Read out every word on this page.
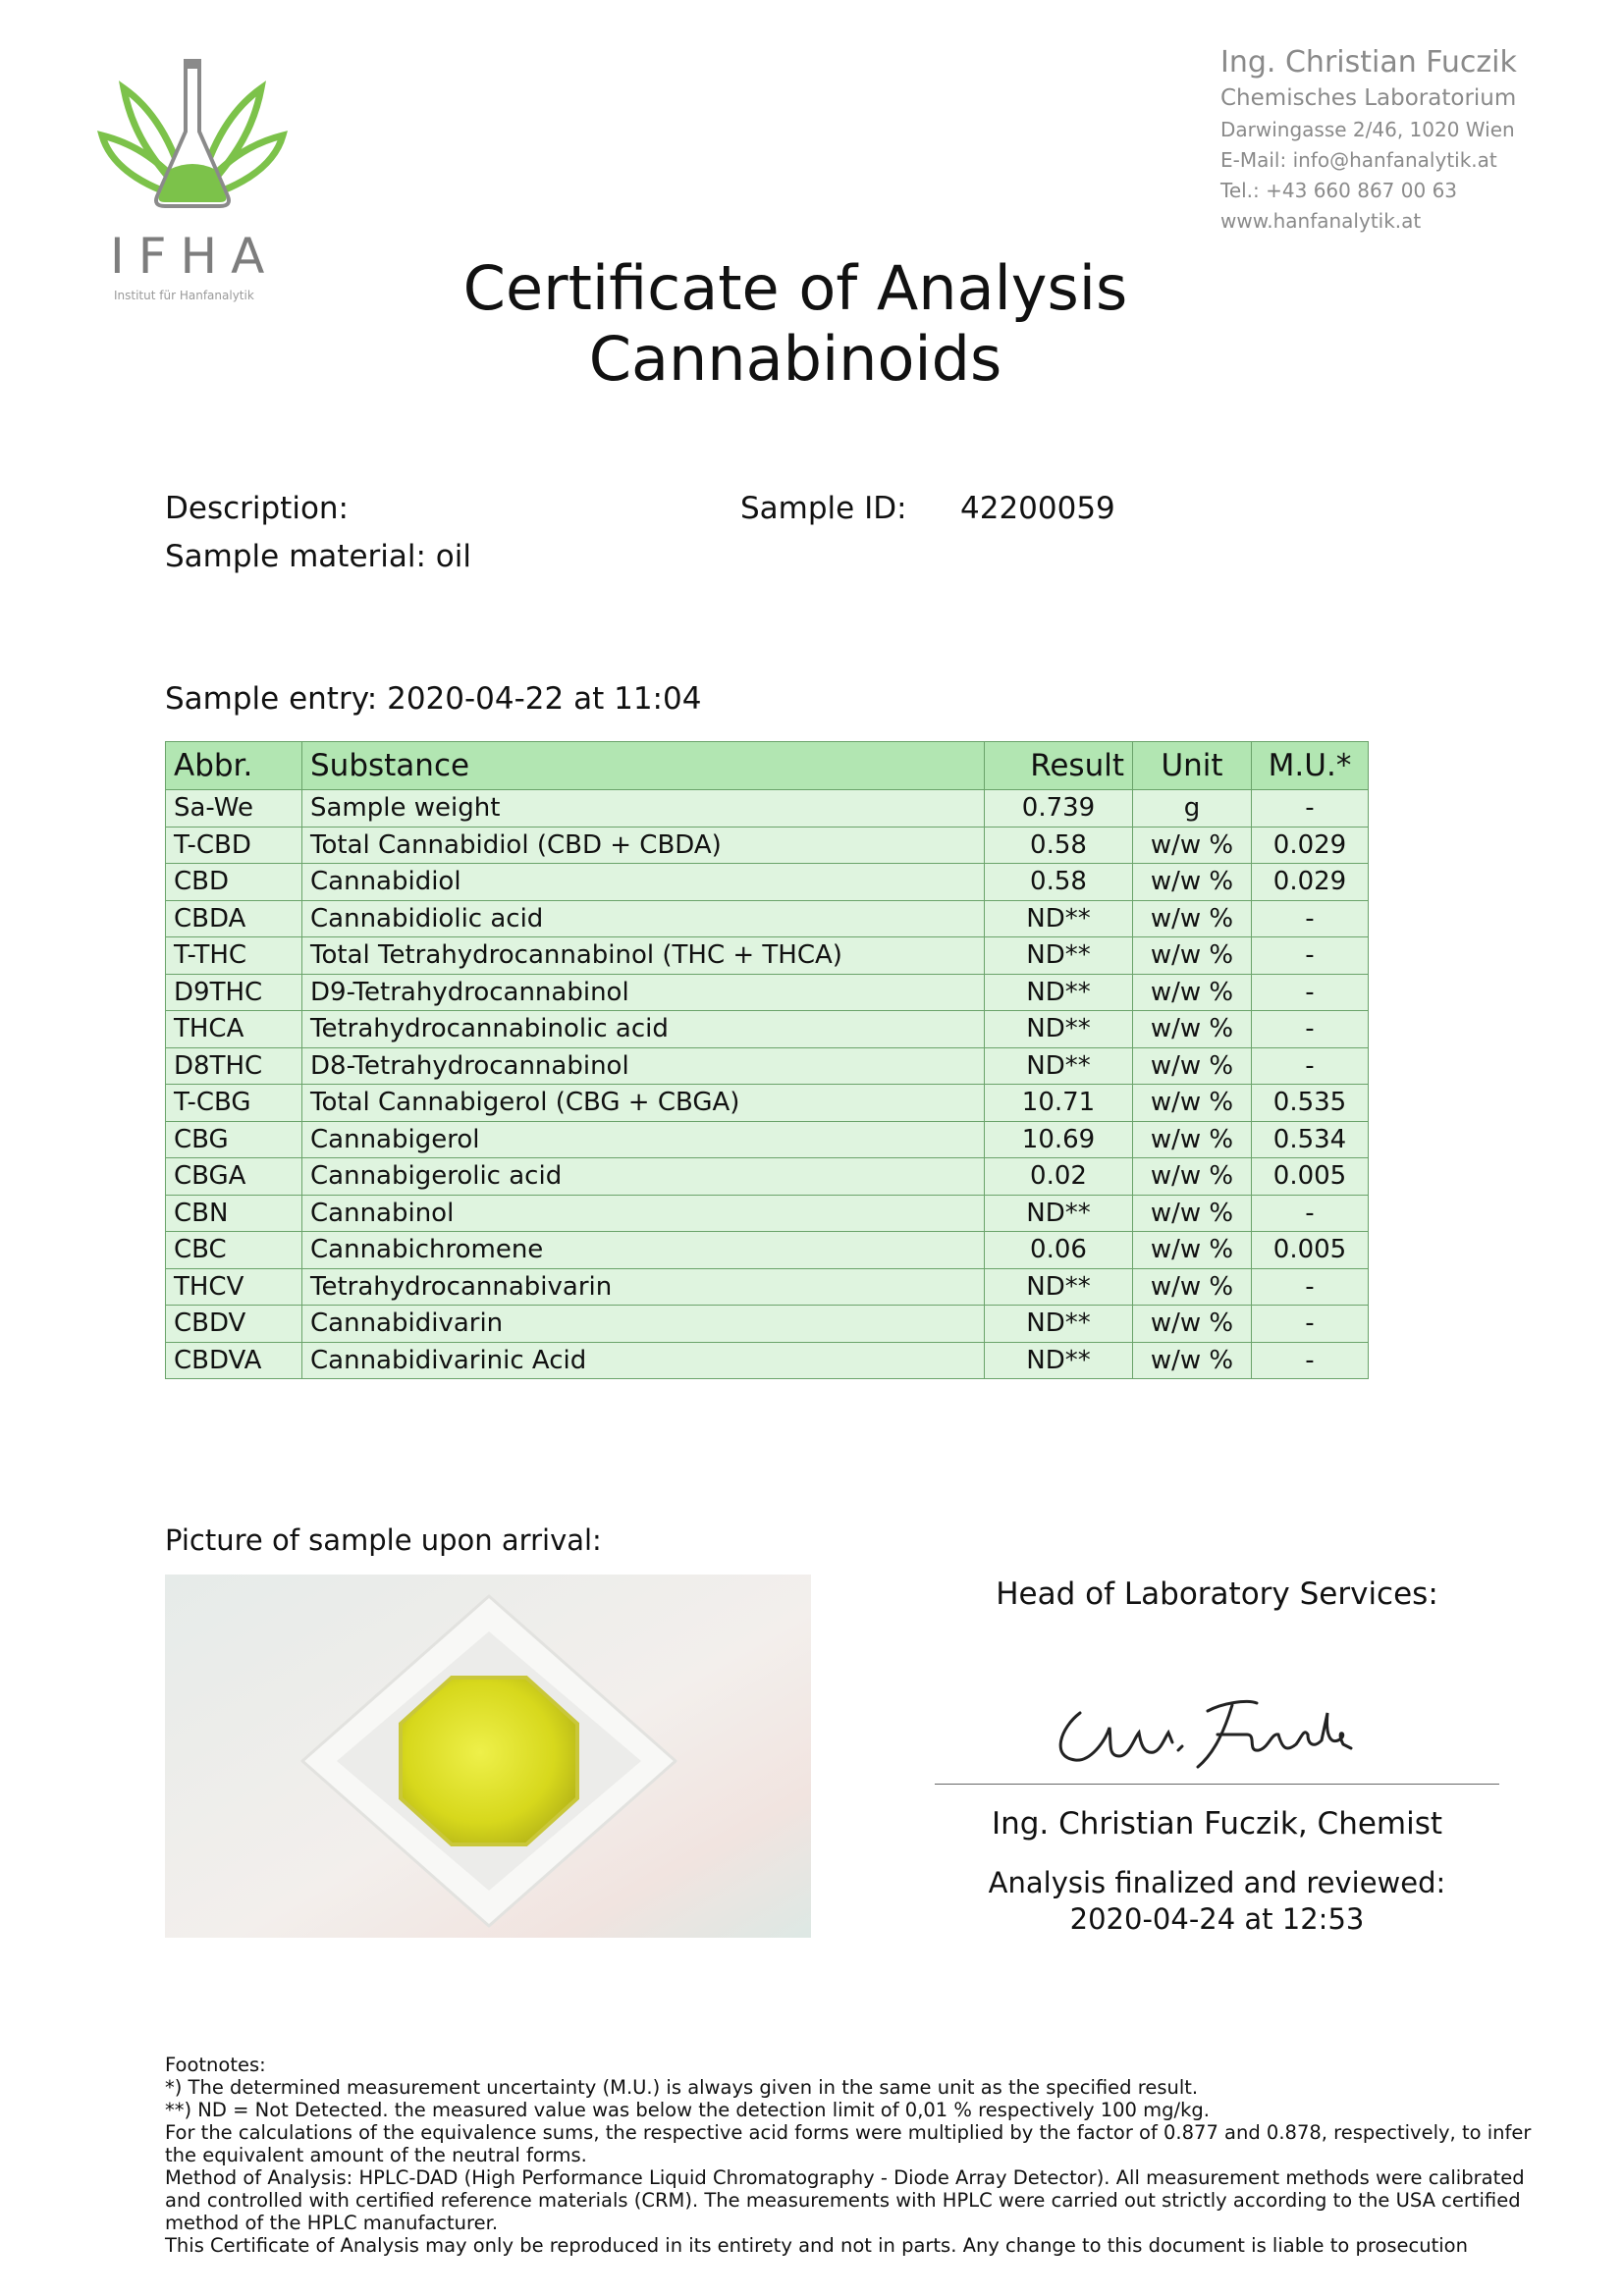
IFHA
Institut für Hanfanalytik
Ing. Christian Fuczik
Chemisches Laboratorium
Darwingasse 2/46, 1020 Wien
E-Mail: info@hanfanalytik.at
Tel.: +43 660 867 00 63
www.hanfanalytik.at
Certificate of Analysis
Cannabinoids
Description:	Sample ID: 42200059
Sample material: oil
Sample entry: 2020-04-22 at 11:04
Abbr.	Substance	Result	Unit	M.U.*
Sa-We	Sample weight	0.739	g	-
T-CBD	Total Cannabidiol (CBD + CBDA)	0.58	w/w %	0.029
CBD	Cannabidiol	0.58	w/w %	0.029
CBDA	Cannabidiolic acid	ND**	w/w %	-
T-THC	Total Tetrahydrocannabinol (THC + THCA)	ND**	w/w %	-
D9THC	D9-Tetrahydrocannabinol	ND**	w/w %	-
THCA	Tetrahydrocannabinolic acid	ND**	w/w %	-
D8THC	D8-Tetrahydrocannabinol	ND**	w/w %	-
T-CBG	Total Cannabigerol (CBG + CBGA)	10.71	w/w %	0.535
CBG	Cannabigerol	10.69	w/w %	0.534
CBGA	Cannabigerolic acid	0.02	w/w %	0.005
CBN	Cannabinol	ND**	w/w %	-
CBC	Cannabichromene	0.06	w/w %	0.005
THCV	Tetrahydrocannabivarin	ND**	w/w %	-
CBDV	Cannabidivarin	ND**	w/w %	-
CBDVA	Cannabidivarinic Acid	ND**	w/w %	-
Picture of sample upon arrival:
Head of Laboratory Services:
Ing. Christian Fuczik, Chemist
Analysis finalized and reviewed:
2020-04-24 at 12:53
Footnotes:
*) The determined measurement uncertainty (M.U.) is always given in the same unit as the specified result.
**) ND = Not Detected. the measured value was below the detection limit of 0,01 % respectively 100 mg/kg.
For the calculations of the equivalence sums, the respective acid forms were multiplied by the factor of 0.877 and 0.878, respectively, to infer the equivalent amount of the neutral forms.
Method of Analysis: HPLC-DAD (High Performance Liquid Chromatography - Diode Array Detector). All measurement methods were calibrated and controlled with certified reference materials (CRM). The measurements with HPLC were carried out strictly according to the USA certified method of the HPLC manufacturer.
This Certificate of Analysis may only be reproduced in its entirety and not in parts. Any change to this document is liable to prosecution
